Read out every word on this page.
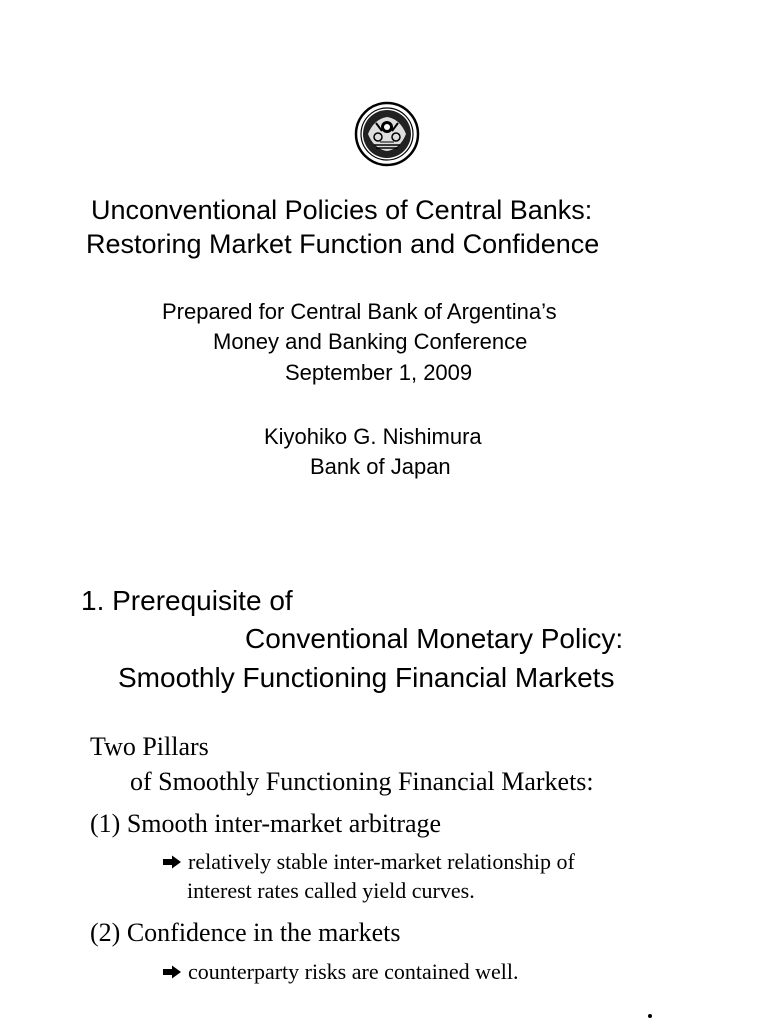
Unconventional Policies of Central Banks:

Restoring Market Function and Confidence

Prepared for Central Bank of Argentina’s

Money and Banking Conference

September 1, 2009

Kiyohiko G. Nishimura

Bank of Japan

1. Prerequisite of

Conventional Monetary Policy:

Smoothly Functioning Financial Markets

Two Pillars

of Smoothly Functioning Financial Markets:

(1) Smooth inter-market arbitrage

relatively stable inter-market relationship of

interest rates called yield curves.

(2) Confidence in the markets

counterparty risks are contained well.
